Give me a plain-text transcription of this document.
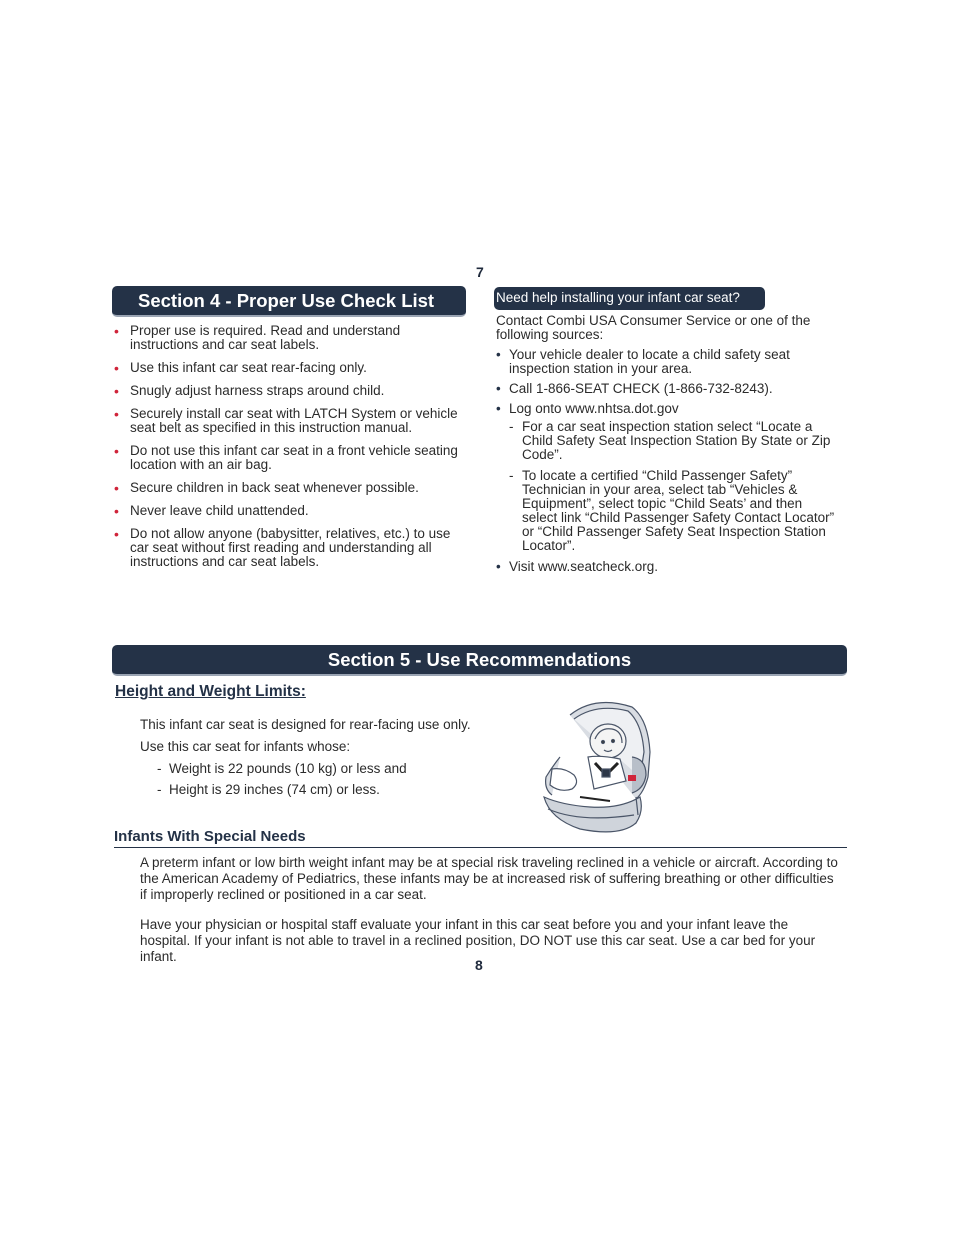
7
Section 4 - Proper Use Check List
• Proper use is required. Read and understand instructions and car seat labels.
• Use this infant car seat rear-facing only.
• Snugly adjust harness straps around child.
• Securely install car seat with LATCH System or vehicle seat belt as specified in this instruction manual.
• Do not use this infant car seat in a front vehicle seating location with an air bag.
• Secure children in back seat whenever possible.
• Never leave child unattended.
• Do not allow anyone (babysitter, relatives, etc.) to use car seat without first reading and understanding all instructions and car seat labels.
Need help installing your infant car seat?
Contact Combi USA Consumer Service or one of the following sources:
• Your vehicle dealer to locate a child safety seat inspection station in your area.
• Call 1-866-SEAT CHECK (1-866-732-8243).
• Log onto www.nhtsa.dot.gov
- For a car seat inspection station select “Locate a Child Safety Seat Inspection Station By State or Zip Code”.
- To locate a certified “Child Passenger Safety” Technician in your area, select tab “Vehicles & Equipment”, select topic “Child Seats’ and then select link “Child Passenger Safety Contact Locator” or “Child Passenger Safety Seat Inspection Station Locator”.
• Visit www.seatcheck.org.
Section 5 - Use Recommendations
Height and Weight Limits:
This infant car seat is designed for rear-facing use only.
Use this car seat for infants whose:
- Weight is 22 pounds (10 kg) or less and
- Height is 29 inches (74 cm) or less.
Infants With Special Needs
A preterm infant or low birth weight infant may be at special risk traveling reclined in a vehicle or aircraft. According to the American Academy of Pediatrics, these infants may be at increased risk of suffering breathing or other difficulties if improperly reclined or positioned in a car seat.
Have your physician or hospital staff evaluate your infant in this car seat before you and your infant leave the hospital. If your infant is not able to travel in a reclined position, DO NOT use this car seat. Use a car bed for your infant.
8
